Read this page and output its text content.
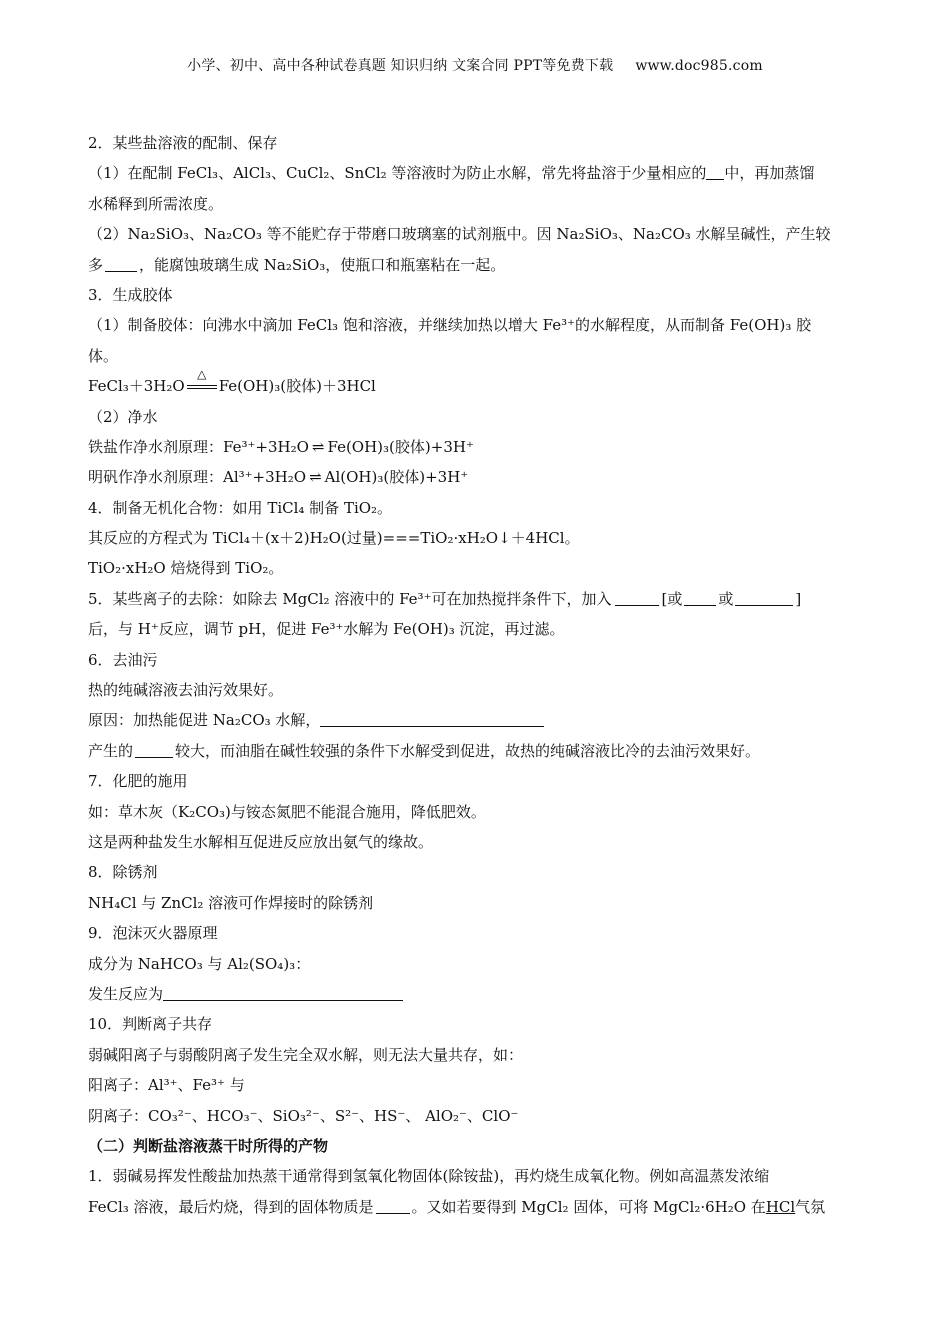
小学、初中、高中各种试卷真题 知识归纳 文案合同 PPT等免费下载 www.doc985.com
2．某些盐溶液的配制、保存
（1）在配制 FeCl₃、AlCl₃、CuCl₂、SnCl₂ 等溶液时为防止水解，常先将盐溶于少量相应的 中，再加蒸馏
水稀释到所需浓度。
（2）Na₂SiO₃、Na₂CO₃ 等不能贮存于带磨口玻璃塞的试剂瓶中。因 Na₂SiO₃、Na₂CO₃ 水解呈碱性，产生较
多 ，能腐蚀玻璃生成 Na₂SiO₃，使瓶口和瓶塞粘在一起。
3．生成胶体
（1）制备胶体：向沸水中滴加 FeCl₃ 饱和溶液，并继续加热以增大 Fe³⁺的水解程度，从而制备 Fe(OH)₃ 胶
体。
FeCl₃＋3H₂O
△
Fe(OH)₃(胶体)＋3HCl
（2）净水
铁盐作净水剂原理：Fe³⁺+3H₂O ⇌ Fe(OH)₃(胶体)+3H⁺
明矾作净水剂原理：Al³⁺+3H₂O ⇌ Al(OH)₃(胶体)+3H⁺
4．制备无机化合物：如用 TiCl₄ 制备 TiO₂。
其反应的方程式为 TiCl₄＋(x＋2)H₂O(过量)===TiO₂·xH₂O↓＋4HCl。
TiO₂·xH₂O 焙烧得到 TiO₂。
5．某些离子的去除：如除去 MgCl₂ 溶液中的 Fe³⁺可在加热搅拌条件下，加入	[或 或	]
后，与 H⁺反应，调节 pH，促进 Fe³⁺水解为 Fe(OH)₃ 沉淀，再过滤。
6．去油污
热的纯碱溶液去油污效果好。
原因：加热能促进 Na₂CO₃ 水解，
产生的	较大，而油脂在碱性较强的条件下水解受到促进，故热的纯碱溶液比冷的去油污效果好。
7．化肥的施用
如：草木灰（K₂CO₃)与铵态氮肥不能混合施用，降低肥效。
这是两种盐发生水解相互促进反应放出氨气的缘故。
8．除锈剂
NH₄Cl 与 ZnCl₂ 溶液可作焊接时的除锈剂
9．泡沫灭火器原理
成分为 NaHCO₃ 与 Al₂(SO₄)₃：
发生反应为
10．判断离子共存
弱碱阳离子与弱酸阴离子发生完全双水解，则无法大量共存，如：
阳离子：Al³⁺、Fe³⁺ 与
阴离子：CO₃²⁻、HCO₃⁻、SiO₃²⁻、S²⁻、HS⁻、 AlO₂⁻、ClO⁻
（二）判断盐溶液蒸干时所得的产物
1．弱碱易挥发性酸盐加热蒸干通常得到氢氧化物固体(除铵盐)，再灼烧生成氧化物。例如高温蒸发浓缩
FeCl₃ 溶液，最后灼烧，得到的固体物质是	。又如若要得到 MgCl₂ 固体，可将 MgCl₂·6H₂O 在HCl气氛
